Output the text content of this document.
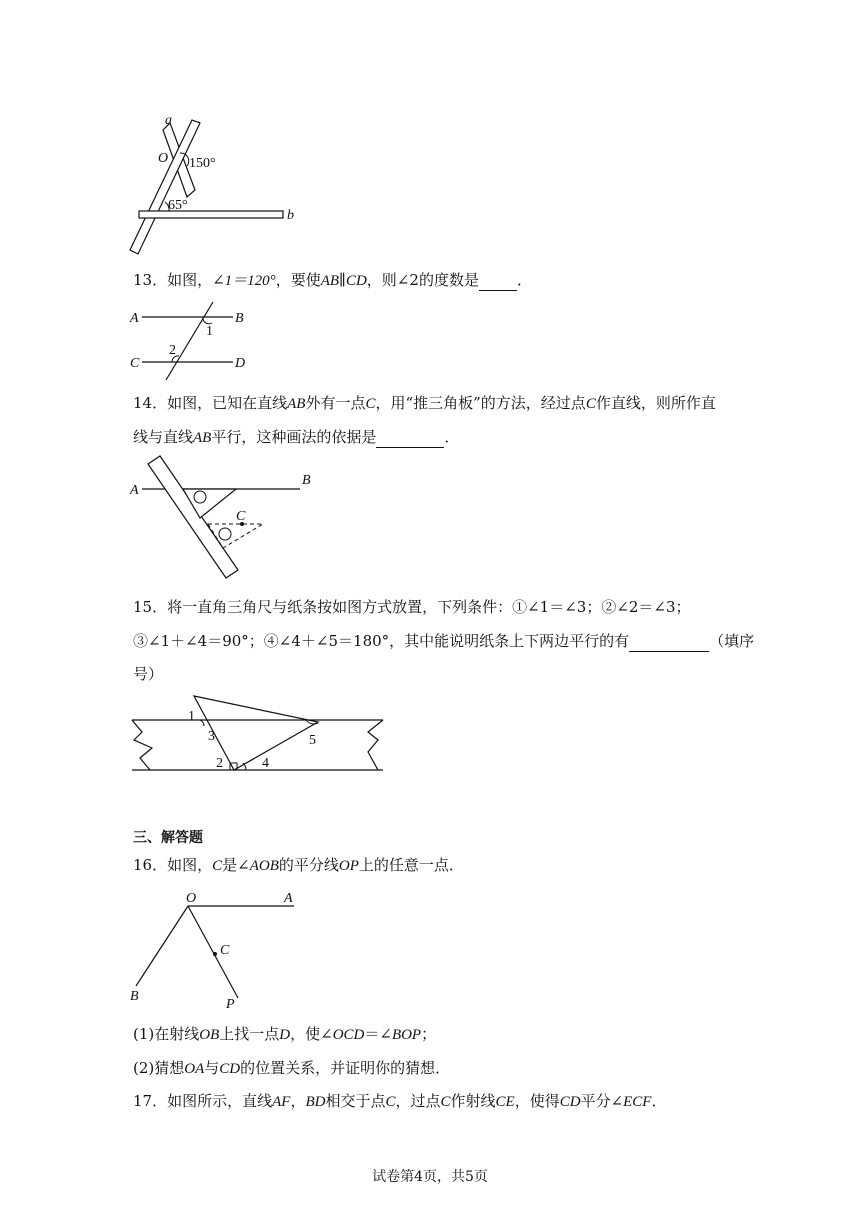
a
b
O 150°
65°
13．如图，∠1＝120°，要使AB∥CD，则∠2的度数是	．
A	B
C	D
1
2
14．如图，已知在直线AB外有一点C，用“推三角板”的方法，经过点C作直线，则所作直
线与直线AB平行，这种画法的依据是	．
A
B
C
15．将一直角三角尺与纸条按如图方式放置，下列条件：①∠1＝∠3；②∠2＝∠3；
③∠1＋∠4＝90°；④∠4＋∠5＝180°，其中能说明纸条上下两边平行的有	（填序
号）
1
3
2	4
5
三、解答题
16．如图，C是∠AOB的平分线OP上的任意一点．
O	A
B
C
P
(1)在射线OB上找一点D，使∠OCD＝∠BOP；
(2)猜想OA与CD的位置关系，并证明你的猜想．
17．如图所示，直线AF，BD相交于点C，过点C作射线CE，使得CD平分∠ECF．
试卷第4页，共5页
